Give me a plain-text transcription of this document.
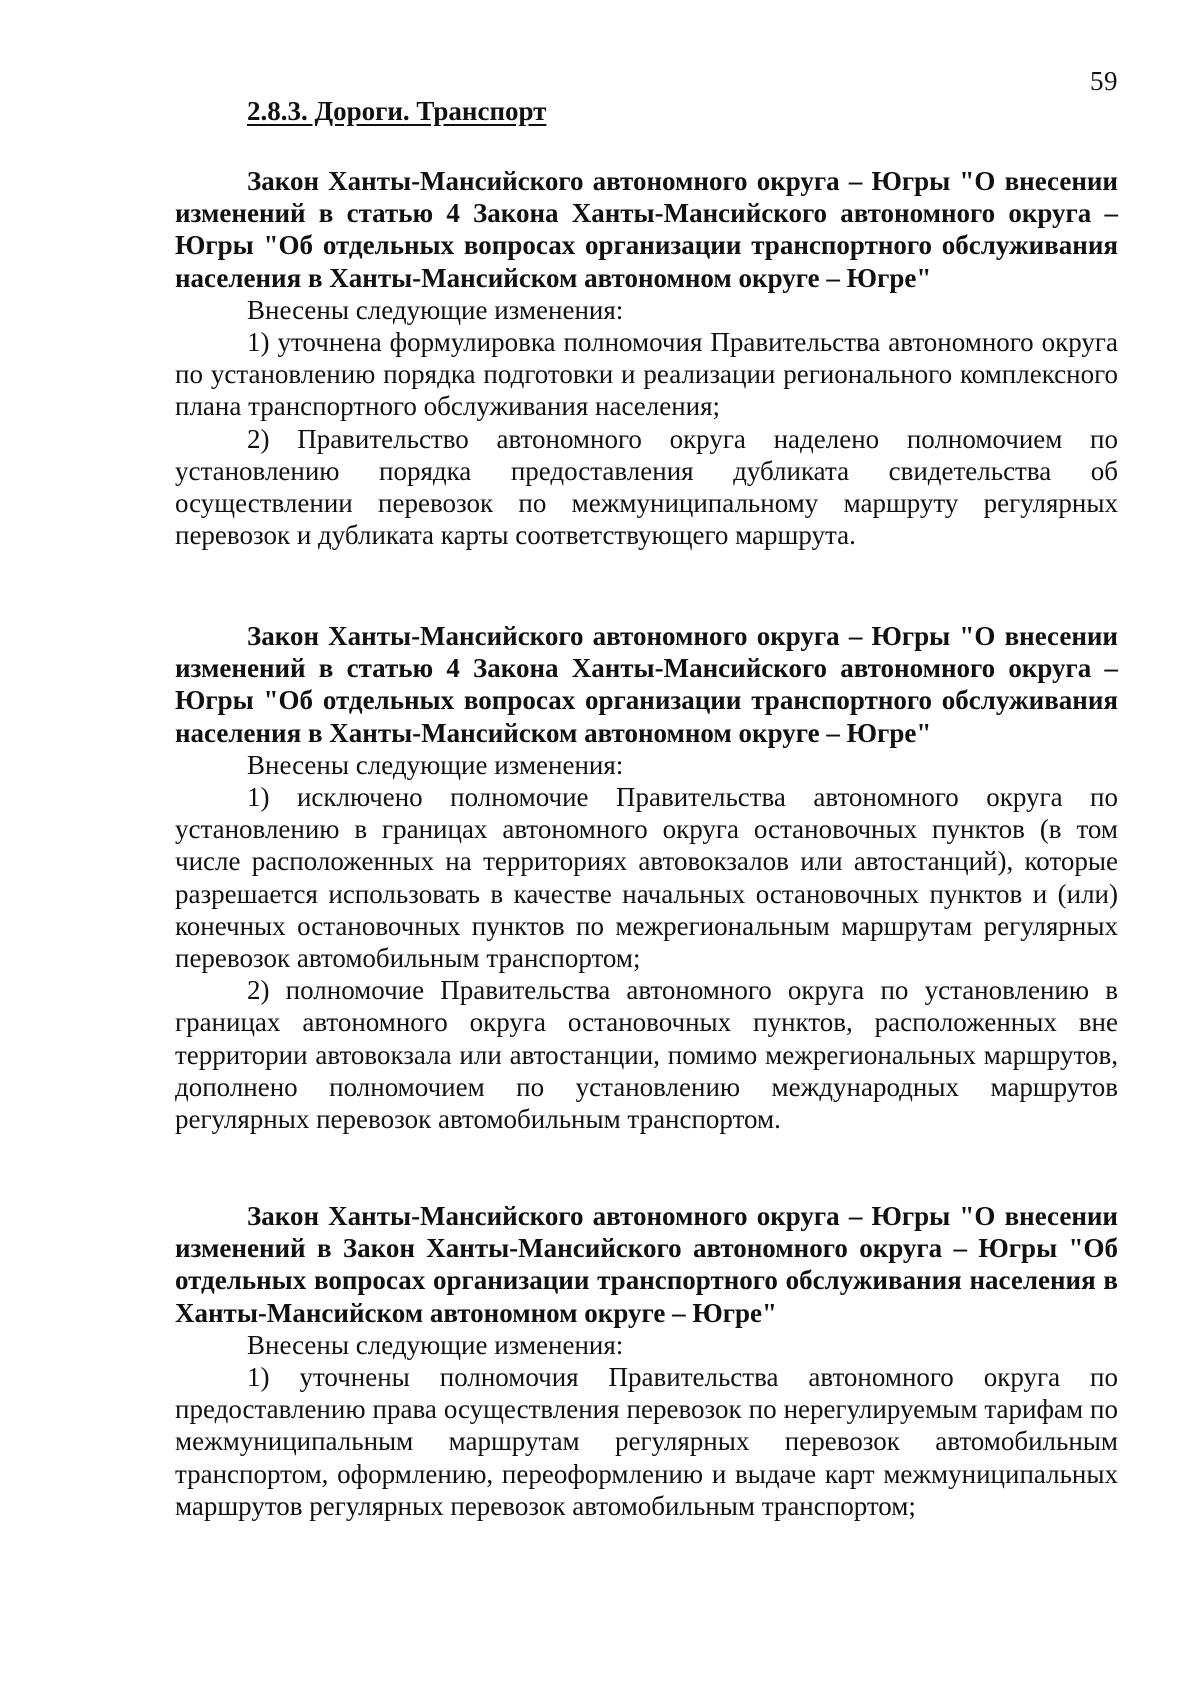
59
2.8.3. Дороги. Транспорт

Закон Ханты-Мансийского автономного округа – Югры "О внесении изменений в статью 4 Закона Ханты-Мансийского автономного округа – Югры "Об отдельных вопросах организации транспортного обслуживания населения в Ханты-Мансийском автономном округе – Югре"

Внесены следующие изменения:

1) уточнена формулировка полномочия Правительства автономного округа по установлению порядка подготовки и реализации регионального комплексного плана транспортного обслуживания населения;

2) Правительство автономного округа наделено полномочием по установлению порядка предоставления дубликата свидетельства об осуществлении перевозок по межмуниципальному маршруту регулярных перевозок и дубликата карты соответствующего маршрута.

Закон Ханты-Мансийского автономного округа – Югры "О внесении изменений в статью 4 Закона Ханты-Мансийского автономного округа – Югры "Об отдельных вопросах организации транспортного обслуживания населения в Ханты-Мансийском автономном округе – Югре"

Внесены следующие изменения:

1) исключено полномочие Правительства автономного округа по установлению в границах автономного округа остановочных пунктов (в том числе расположенных на территориях автовокзалов или автостанций), которые разрешается использовать в качестве начальных остановочных пунктов и (или) конечных остановочных пунктов по межрегиональным маршрутам регулярных перевозок автомобильным транспортом;

2) полномочие Правительства автономного округа по установлению в границах автономного округа остановочных пунктов, расположенных вне территории автовокзала или автостанции, помимо межрегиональных маршрутов, дополнено полномочием по установлению международных маршрутов регулярных перевозок автомобильным транспортом.

Закон Ханты-Мансийского автономного округа – Югры "О внесении изменений в Закон Ханты-Мансийского автономного округа – Югры "Об отдельных вопросах организации транспортного обслуживания населения в Ханты-Мансийском автономном округе – Югре"

Внесены следующие изменения:

1) уточнены полномочия Правительства автономного округа по предоставлению права осуществления перевозок по нерегулируемым тарифам по межмуниципальным маршрутам регулярных перевозок автомобильным транспортом, оформлению, переоформлению и выдаче карт межмуниципальных маршрутов регулярных перевозок автомобильным транспортом;
